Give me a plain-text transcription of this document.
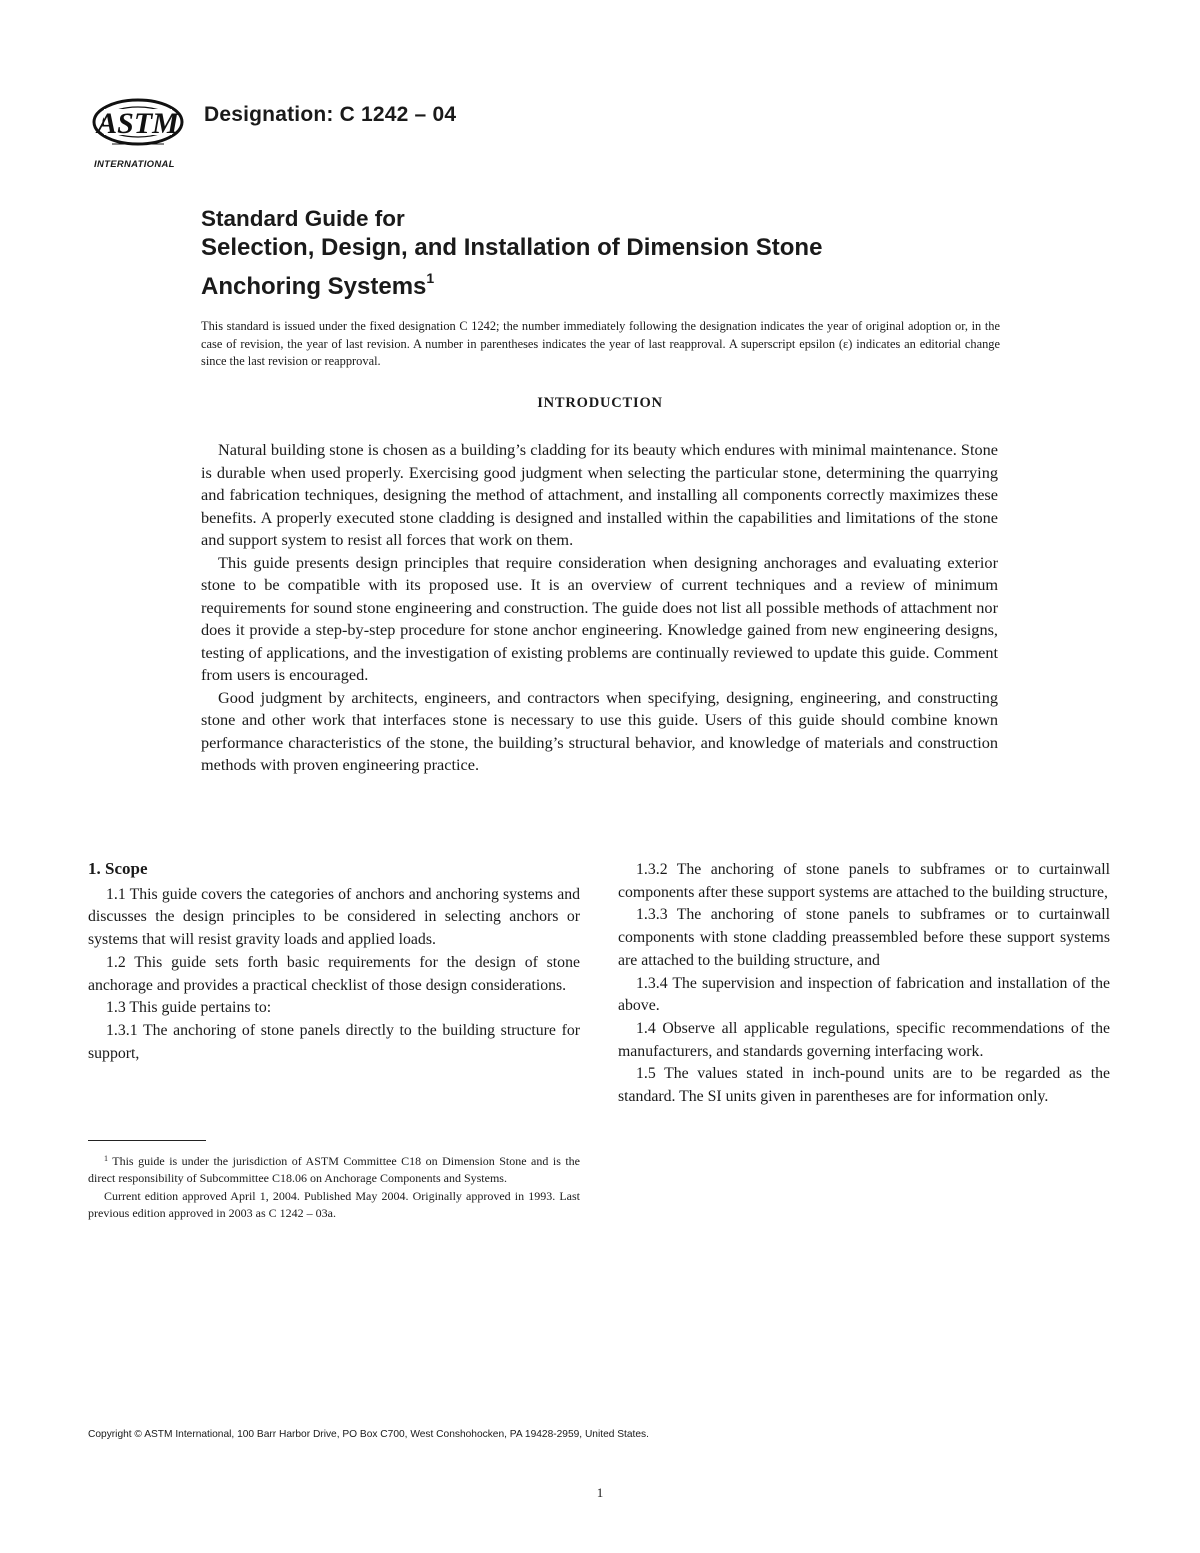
ASTM
INTERNATIONAL
Designation: C 1242 – 04
Standard Guide for
Selection, Design, and Installation of Dimension Stone
Anchoring Systems$^1$
This standard is issued under the fixed designation C 1242; the number immediately following the designation indicates the year of original adoption or, in the case of revision, the year of last revision. A number in parentheses indicates the year of last reapproval. A superscript epsilon (ε) indicates an editorial change since the last revision or reapproval.
INTRODUCTION

Natural building stone is chosen as a building’s cladding for its beauty which endures with minimal maintenance. Stone is durable when used properly. Exercising good judgment when selecting the particular stone, determining the quarrying and fabrication techniques, designing the method of attachment, and installing all components correctly maximizes these benefits. A properly executed stone cladding is designed and installed within the capabilities and limitations of the stone and support system to resist all forces that work on them.

This guide presents design principles that require consideration when designing anchorages and evaluating exterior stone to be compatible with its proposed use. It is an overview of current techniques and a review of minimum requirements for sound stone engineering and construction. The guide does not list all possible methods of attachment nor does it provide a step-by-step procedure for stone anchor engineering. Knowledge gained from new engineering designs, testing of applications, and the investigation of existing problems are continually reviewed to update this guide. Comment from users is encouraged.

Good judgment by architects, engineers, and contractors when specifying, designing, engineering, and constructing stone and other work that interfaces stone is necessary to use this guide. Users of this guide should combine known performance characteristics of the stone, the building’s structural behavior, and knowledge of materials and construction methods with proven engineering practice.

1. Scope

1.1 This guide covers the categories of anchors and anchoring systems and discusses the design principles to be considered in selecting anchors or systems that will resist gravity loads and applied loads.

1.2 This guide sets forth basic requirements for the design of stone anchorage and provides a practical checklist of those design considerations.

1.3 This guide pertains to:

1.3.1 The anchoring of stone panels directly to the building structure for support,

1.3.2 The anchoring of stone panels to subframes or to curtainwall components after these support systems are attached to the building structure,

1.3.3 The anchoring of stone panels to subframes or to curtainwall components with stone cladding preassembled before these support systems are attached to the building structure, and

1.3.4 The supervision and inspection of fabrication and installation of the above.

1.4 Observe all applicable regulations, specific recommendations of the manufacturers, and standards governing interfacing work.

1.5 The values stated in inch-pound units are to be regarded as the standard. The SI units given in parentheses are for information only.

$^1$ This guide is under the jurisdiction of ASTM Committee C18 on Dimension Stone and is the direct responsibility of Subcommittee C18.06 on Anchorage Components and Systems.

Current edition approved April 1, 2004. Published May 2004. Originally approved in 1993. Last previous edition approved in 2003 as C 1242 – 03a.

Copyright © ASTM International, 100 Barr Harbor Drive, PO Box C700, West Conshohocken, PA 19428-2959, United States.
1
